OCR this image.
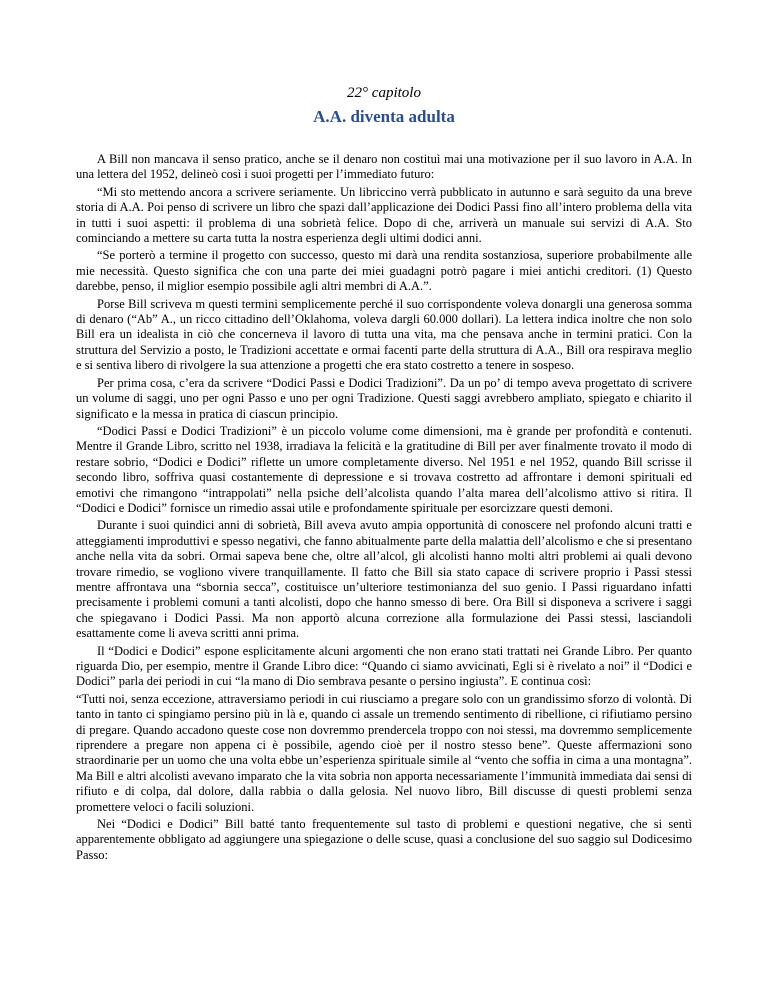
22° capitolo

A.A. diventa adulta

A Bill non mancava il senso pratico, anche se il denaro non costituì mai una motivazione per il suo lavoro in A.A. In una lettera del 1952, delineò così i suoi progetti per l’immediato futuro:

“Mi sto mettendo ancora a scrivere seriamente. Un libriccino verrà pubblicato in autunno e sarà seguito da una breve storia di A.A. Poi penso di scrivere un libro che spazi dall’applicazione dei Dodici Passi fino all’intero problema della vita in tutti i suoi aspetti: il problema di una sobrietà felice. Dopo di che, arriverà un manuale sui servizi di A.A. Sto cominciando a mettere su carta tutta la nostra esperienza degli ultimi dodici anni.

“Se porterò a termine il progetto con successo, questo mi darà una rendita sostanziosa, superiore probabilmente alle mie necessità. Questo significa che con una parte dei miei guadagni potrò pagare i miei antichi creditori. (1) Questo darebbe, penso, il miglior esempio possibile agli altri membri di A.A.”.

Porse Bill scriveva m questi termini semplicemente perché il suo corrispondente voleva donargli una generosa somma di denaro (“Ab” A., un ricco cittadino dell’Oklahoma, voleva dargli 60.000 dollari). La lettera indica inoltre che non solo Bill era un idealista in ciò che concerneva il lavoro di tutta una vita, ma che pensava anche in termini pratici. Con la struttura del Servizio a posto, le Tradizioni accettate e ormai facenti parte della struttura di A.A., Bill ora respirava meglio e si sentiva libero di rivolgere la sua attenzione a progetti che era stato costretto a tenere in sospeso.

Per prima cosa, c’era da scrivere “Dodici Passi e Dodici Tradizioni”. Da un po’ di tempo aveva progettato di scrivere un volume di saggi, uno per ogni Passo e uno per ogni Tradizione. Questi saggi avrebbero ampliato, spiegato e chiarito il significato e la messa in pratica di ciascun principio.

“Dodici Passi e Dodici Tradizioni” è un piccolo volume come dimensioni, ma è grande per profondità e contenuti. Mentre il Grande Libro, scritto nel 1938, irradiava la felicità e la gratitudine di Bill per aver finalmente trovato il modo di restare sobrio, “Dodici e Dodici” riflette un umore completamente diverso. Nel 1951 e nel 1952, quando Bill scrisse il secondo libro, soffriva quasi costantemente di depressione e si trovava costretto ad affrontare i demoni spirituali ed emotivi che rimangono “intrappolati” nella psiche dell’alcolista quando l’alta marea dell’alcolismo attivo si ritira. Il “Dodici e Dodici” fornisce un rimedio assai utile e profondamente spirituale per esorcizzare questi demoni.

Durante i suoi quindici anni di sobrietà, Bill aveva avuto ampia opportunità di conoscere nel profondo alcuni tratti e atteggiamenti improduttivi e spesso negativi, che fanno abitualmente parte della malattia dell’alcolismo e che si presentano anche nella vita da sobri. Ormai sapeva bene che, oltre all’alcol, gli alcolisti hanno molti altri problemi ai quali devono trovare rimedio, se vogliono vivere tranquillamente. Il fatto che Bill sia stato capace di scrivere proprio i Passi stessi mentre affrontava una “sbornia secca”, costituisce un’ulteriore testimonianza del suo genio. I Passi riguardano infatti precisamente i problemi comuni a tanti alcolisti, dopo che hanno smesso di bere. Ora Bill si disponeva a scrivere i saggi che spiegavano i Dodici Passi. Ma non apportò alcuna correzione alla formulazione dei Passi stessi, lasciandoli esattamente come li aveva scritti anni prima.

Il “Dodici e Dodici” espone esplicitamente alcuni argomenti che non erano stati trattati nei Grande Libro. Per quanto riguarda Dio, per esempio, mentre il Grande Libro dice: “Quando ci siamo avvicinati, Egli si è rivelato a noi” il “Dodici e Dodici” parla dei periodi in cui “la mano di Dio sembrava pesante o persino ingiusta”. E continua così:

“Tutti noi, senza eccezione, attraversiamo periodi in cui riusciamo a pregare solo con un grandissimo sforzo di volontà. Di tanto in tanto ci spingiamo persino più in là e, quando ci assale un tremendo sentimento di ribellione, ci rifiutiamo persino di pregare. Quando accadono queste cose non dovremmo prendercela troppo con noi stessi, ma dovremmo semplicemente riprendere a pregare non appena ci è possibile, agendo cioè per il nostro stesso bene”. Queste affermazioni sono straordinarie per un uomo che una volta ebbe un’esperienza spirituale simile al “vento che soffia in cima a una montagna”. Ma Bill e altri alcolisti avevano imparato che la vita sobria non apporta necessariamente l’immunità immediata dai sensi di rifiuto e di colpa, dal dolore, dalla rabbia o dalla gelosia. Nel nuovo libro, Bill discusse di questi problemi senza promettere veloci o facili soluzioni.

Nei “Dodici e Dodici” Bill batté tanto frequentemente sul tasto di problemi e questioni negative, che si sentì apparentemente obbligato ad aggiungere una spiegazione o delle scuse, quasi a conclusione del suo saggio sul Dodicesimo Passo:
